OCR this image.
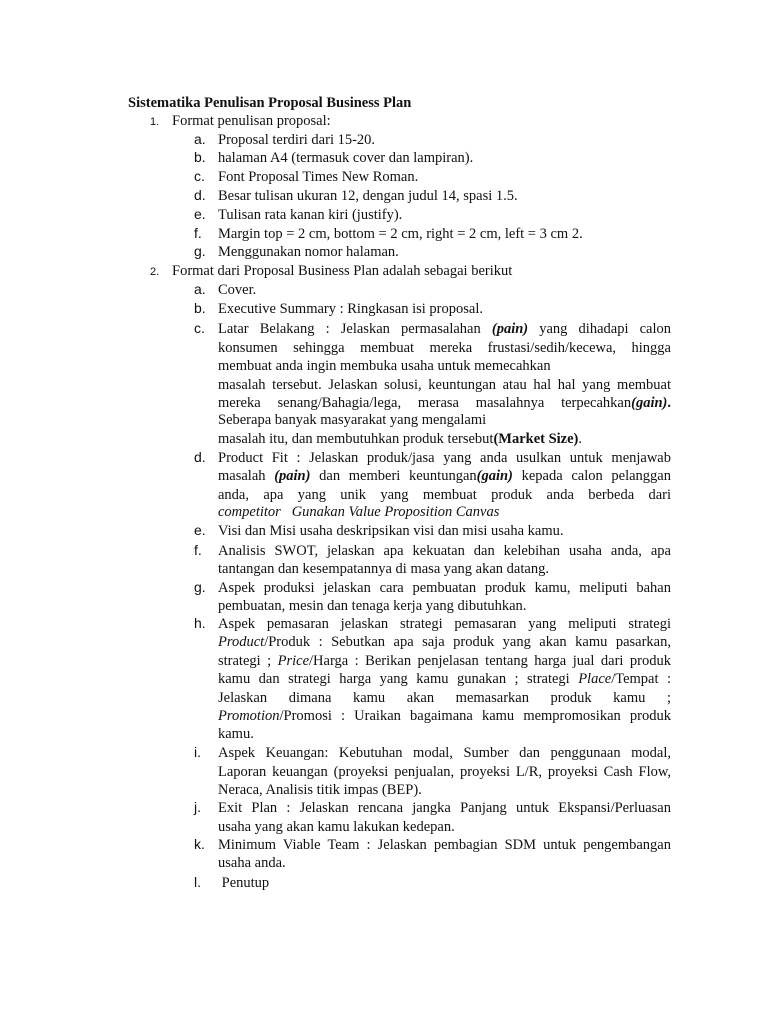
Sistematika Penulisan Proposal Business Plan
1. Format penulisan proposal:
a. Proposal terdiri dari 15-20.
b. halaman A4 (termasuk cover dan lampiran).
c. Font Proposal Times New Roman.
d. Besar tulisan ukuran 12, dengan judul 14, spasi 1.5.
e. Tulisan rata kanan kiri (justify).
f. Margin top = 2 cm, bottom = 2 cm, right = 2 cm, left = 3 cm 2.
g. Menggunakan nomor halaman.
2. Format dari Proposal Business Plan adalah sebagai berikut
a. Cover.
b. Executive Summary : Ringkasan isi proposal.
c. Latar Belakang : Jelaskan permasalahan (pain) yang dihadapi calon
konsumen sehingga membuat mereka frustasi/sedih/kecewa, hingga
membuat anda ingin membuka usaha untuk memecahkan
masalah tersebut. Jelaskan solusi, keuntungan atau hal hal yang membuat
mereka senang/Bahagia/lega, merasa masalahnya terpecahkan(gain).
Seberapa banyak masyarakat yang mengalami
masalah itu, dan membutuhkan produk tersebut(Market Size).
d. Product Fit : Jelaskan produk/jasa yang anda usulkan untuk menjawab
masalah (pain) dan memberi keuntungan(gain) kepada calon pelanggan
anda, apa yang unik yang membuat produk anda berbeda dari
competitor   Gunakan Value Proposition Canvas
e. Visi dan Misi usaha deskripsikan visi dan misi usaha kamu.
f. Analisis SWOT, jelaskan apa kekuatan dan kelebihan usaha anda, apa
tantangan dan kesempatannya di masa yang akan datang.
g. Aspek produksi jelaskan cara pembuatan produk kamu, meliputi bahan
pembuatan, mesin dan tenaga kerja yang dibutuhkan.
h. Aspek pemasaran jelaskan strategi pemasaran yang meliputi strategi
Product/Produk : Sebutkan apa saja produk yang akan kamu pasarkan,
strategi ; Price/Harga : Berikan penjelasan tentang harga jual dari produk
kamu dan strategi harga yang kamu gunakan ; strategi Place/Tempat :
Jelaskan dimana kamu akan memasarkan produk kamu ;
Promotion/Promosi : Uraikan bagaimana kamu mempromosikan produk
kamu.
i. Aspek Keuangan: Kebutuhan modal, Sumber dan penggunaan modal,
Laporan keuangan (proyeksi penjualan, proyeksi L/R, proyeksi Cash Flow,
Neraca, Analisis titik impas (BEP).
j. Exit Plan : Jelaskan rencana jangka Panjang untuk Ekspansi/Perluasan
usaha yang akan kamu lakukan kedepan.
k. Minimum Viable Team : Jelaskan pembagian SDM untuk pengembangan
usaha anda.
l. Penutup
